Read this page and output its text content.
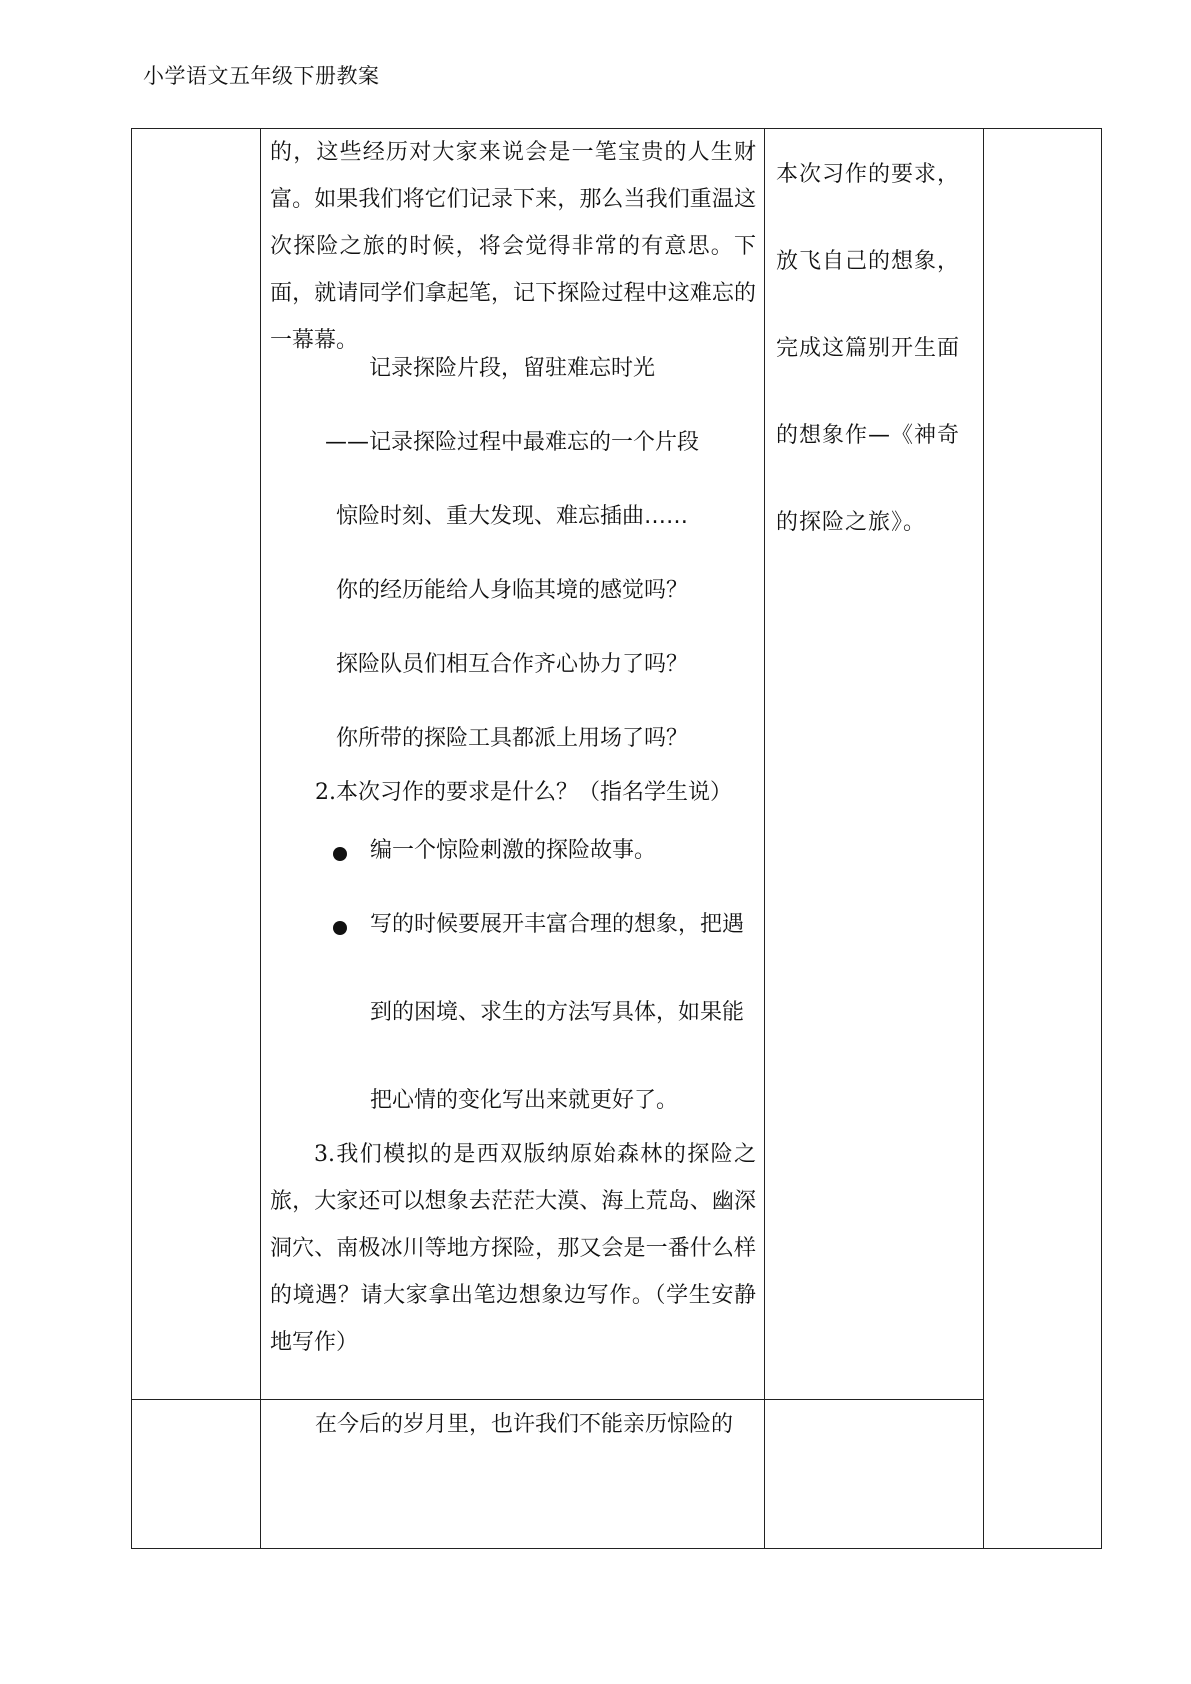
小学语文五年级下册教案

的，这些经历对大家来说会是一笔宝贵的人生财富。如果我们将它们记录下来，那么当我们重温这次探险之旅的时候，将会觉得非常的有意思。下面，就请同学们拿起笔，记下探险过程中这难忘的一幕幕。

记录探险片段，留驻难忘时光
——记录探险过程中最难忘的一个片段
惊险时刻、重大发现、难忘插曲……
你的经历能给人身临其境的感觉吗？
探险队员们相互合作齐心协力了吗？
你所带的探险工具都派上用场了吗？
2.本次习作的要求是什么？（指名学生说）
编一个惊险刺激的探险故事。
写的时候要展开丰富合理的想象，把遇到的困境、求生的方法写具体，如果能把心情的变化写出来就更好了。

3.我们模拟的是西双版纳原始森林的探险之旅，大家还可以想象去茫茫大漠、海上荒岛、幽深洞穴、南极冰川等地方探险，那又会是一番什么样的境遇？请大家拿出笔边想象边写作。（学生安静地写作）

在今后的岁月里，也许我们不能亲历惊险的
本次习作的要求，放飞自己的想象，完成这篇别开生面的想象作—《神奇的探险之旅》。
